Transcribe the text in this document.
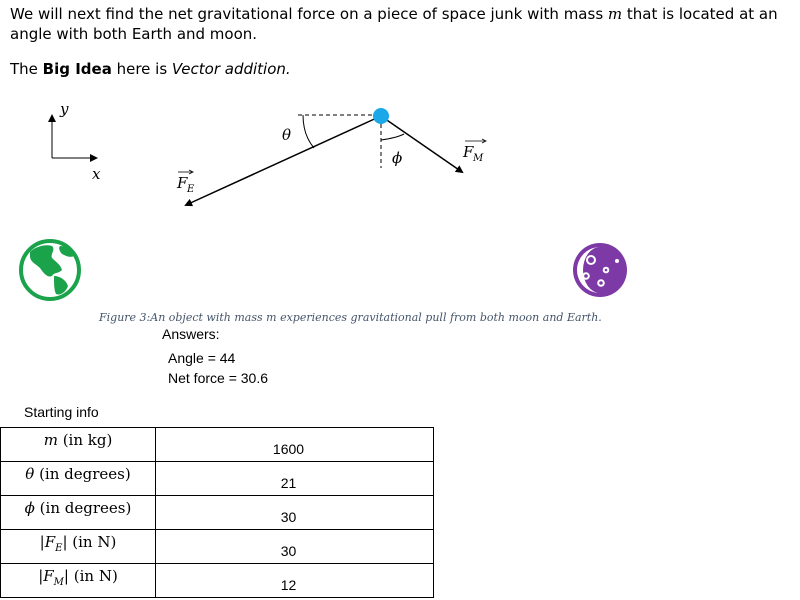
We will next find the net gravitational force on a piece of space junk with mass m that is located at an angle with both Earth and moon.
The Big Idea here is Vector addition.
y
x
θ
ϕ
F E
F M
Figure 3:An object with mass m experiences gravitational pull from both moon and Earth.
Answers:
Angle = 44
Net force = 30.6
Starting info
m (in kg)	1600
θ (in degrees)	21
ϕ (in degrees)	30
$|F_E|$ (in N)	30
$|F_M|$ (in N)	12
